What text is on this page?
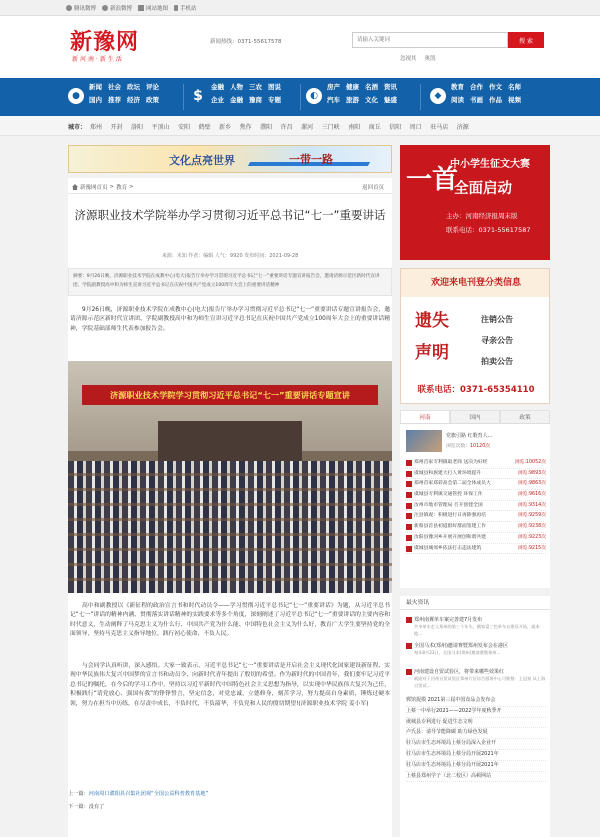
腾讯微博	新浪微博	网站地图 手机站
新豫网
新河南·新生活
新闻热线：0371-55617578
请输入关键词	搜 索
忽视其 奥凯
●
新闻 社会 政坛 评论
国内 推荐 经济 政策 $
金融 人物 三农 图说
企业 金融 豫商 专题	◐
房产 健康 名酒 资讯
汽车 旅游 文化 魅盛	◆
教育 合作 作文 名师
阅读 书画 作品 视频
城市： 郑州 开封 洛阳 平顶山 安阳 鹤壁 新乡 焦作 濮阳 许昌 漯河 三门峡 南阳 商丘 信阳 周口 驻马店 济源
文化点亮世界	一带一路
新豫网首页 > 教育 >	返回首页
济源职业技术学院举办学习贯彻习近平总书记“七一”重要讲话
来源：未知 作者：编辑 人气：9920 发布时间：2021-09-28
摘要：9月26日晚，济源职业技术学院在成教中心(电大)报告厅举办学习贯彻习近平总书记“七一”重要讲话专题宣讲报告会，邀请济源示范区新时代宣讲团、学院副教授高中和为师生宣讲习近平总书记在庆祝中国共产党成立100周年大会上的重要讲话精神

9月26日晚，济源职业技术学院在成教中心(电大)报告厅举办学习贯彻习近平总书记“七一”重要讲话专题宣讲报告会，邀请济源示范区新时代宣讲团、学院副教授高中和为师生宣讲习近平总书记在庆祝中国共产党成立100周年大会上的重要讲话精神，学院基础部师生代表参加报告会。

济源职业技术学院学习贯彻习近平总书记“七一”重要讲话专题宣讲

高中和副教授以《新征程的政治宣言书和时代动员令——学习贯彻习近平总书记“七一”重要讲话》为题，从习近平总书记“七一”讲话的精神内涵、贯彻落实讲话精神的实践要求等多个角度，深刻阐述了习近平总书记“七一”重要讲话的主要内容和时代意义，生动阐释了马克思主义为什么行、中国共产党为什么能、中国特色社会主义为什么好，教育广大学生要坚持党的全面领导，坚持马克思主义指导地位，践行初心使命，不负人民。

与会同学认真听讲，深入感悟。大家一致表示，习近平总书记“七一”重要讲话是开启社会主义现代化国家建设新征程、实现中华民族伟大复兴中国梦的宣言书和动员令，向新时代青年提出了殷切的希望。作为新时代的中国青年，我们要牢记习近平总书记的嘱托，在今后的学习工作中，坚持以习近平新时代中国特色社会主义思想为指导，以实现中华民族伟大复兴为己任，积极践行“请党放心、强国有我”的铮铮誓言，坚定信念，对党忠诚，立德修身，刻苦学习，努力提高自身素质，锤炼过硬本领，努力在担当中历练，在尽责中成长，不负时代，不负韶华，不负党和人民的殷切期望!(济源职业技术学院 姜小军)

上一篇：河南周口濮阳县召集社团观“全国公益科普教育基地”
下一篇：没有了
一首
中小学生征文大赛
全面启动
主办：河南经济报周末版
联系电话：0371-55617587
欢迎来电刊登分类信息
遗失
声明
注销公告
寻亲公告
拍卖公告
联系电话：0371-65354110
河南	国内	政策
党旗引路 红歌育人...
浏览次数：10120次
郑州首家专利镇取老商 送决为好经	浏览:10052次
虞城县和族建大打人黄环境提升	浏览:9893次
郑州首家郑彩高会第二届全体成员大	浏览:9863次
虞城县专利镇交通管控 环保工作	浏览:9616次
汝州市地市管理局 召开创建全国	浏览:9314次
注县镇观：积极进行日再除强再培	浏览:9259次
新蔡县首县初道群好群面签建工作	浏览:9238次
汝阳县豫河乡开展开展创和谐共建	浏览:9223次
虞城县城郊乡依法打击违法建筑	浏览:9215次
最火资讯
郑州南翼单车案完善建7月发布
共享单车走入郑州的第三个年头，檀家富三色单车自建设开始，就本地...
全国马术(郑州)邀请赛暨郑州发布会在港区
每年8月23日，全国马术(郑州)邀请赛暨郑州...
河南建设自贸试验区，将带来哪些效果红
截面对于河南自贸试验区郑州片区综合服务中心可跌整：王冠家 从上海自贸试...
郸馆捉摸 2021第三届中国食品会发布会
上蔡一中举行2021——2022学年度秋季开
虞城县专利进行 促进生态文明
卢氏县：请导节能降碳 助力绿色发展
驻马店市生态环境局上蔡分局深入企业开
驻马店市生态环境局上蔡分局开展2021年
驻马店市生态环境局上蔡分局开展2021年
上蔡县郑州学子（北二校区）高顿网站
